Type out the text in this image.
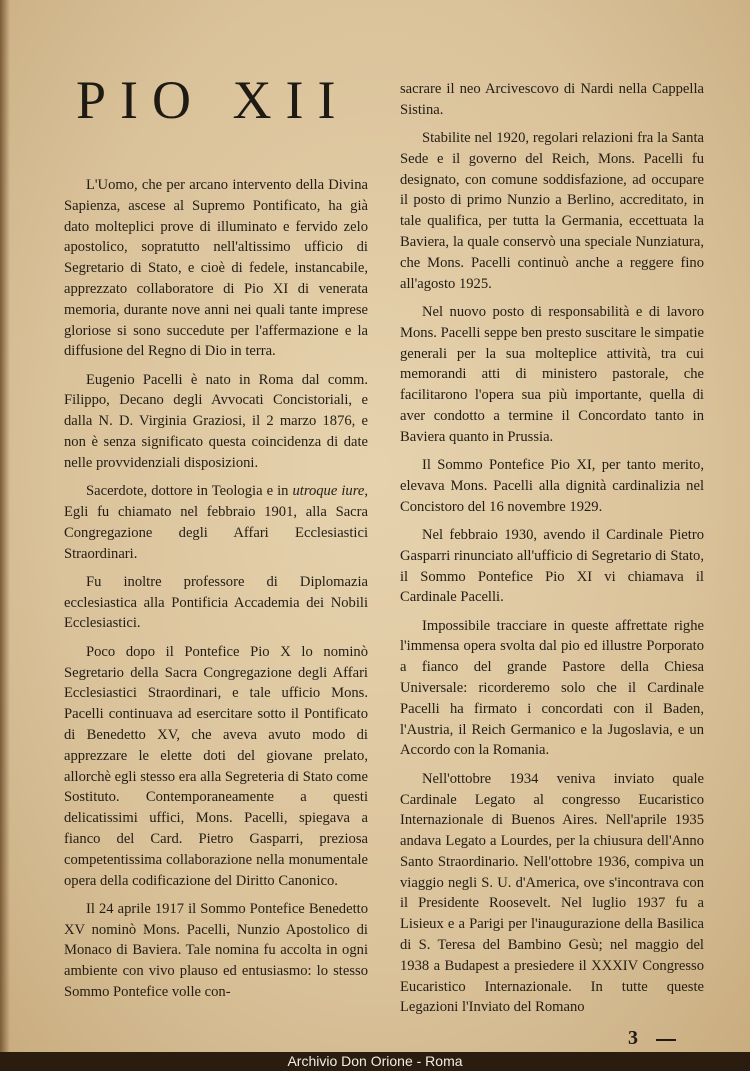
PIO XII

L'Uomo, che per arcano intervento della Divina Sapienza, ascese al Supremo Pontificato, ha già dato molteplici prove di illuminato e fervido zelo apostolico, sopratutto nell'altissimo ufficio di Segretario di Stato, e cioè di fedele, instancabile, apprezzato collaboratore di Pio XI di venerata memoria, durante nove anni nei quali tante imprese gloriose si sono succedute per l'affermazione e la diffusione del Regno di Dio in terra.

Eugenio Pacelli è nato in Roma dal comm. Filippo, Decano degli Avvocati Concistoriali, e dalla N. D. Virginia Graziosi, il 2 marzo 1876, e non è senza significato questa coincidenza di date nelle provvidenziali disposizioni.

Sacerdote, dottore in Teologia e in utroque iure, Egli fu chiamato nel febbraio 1901, alla Sacra Congregazione degli Affari Ecclesiastici Straordinari.

Fu inoltre professore di Diplomazia ecclesiastica alla Pontificia Accademia dei Nobili Ecclesiastici.

Poco dopo il Pontefice Pio X lo nominò Segretario della Sacra Congregazione degli Affari Ecclesiastici Straordinari, e tale ufficio Mons. Pacelli continuava ad esercitare sotto il Pontificato di Benedetto XV, che aveva avuto modo di apprezzare le elette doti del giovane prelato, allorchè egli stesso era alla Segreteria di Stato come Sostituto. Contemporaneamente a questi delicatissimi uffici, Mons. Pacelli, spiegava a fianco del Card. Pietro Gasparri, preziosa competentissima collaborazione nella monumentale opera della codificazione del Diritto Canonico.

Il 24 aprile 1917 il Sommo Pontefice Benedetto XV nominò Mons. Pacelli, Nunzio Apostolico di Monaco di Baviera. Tale nomina fu accolta in ogni ambiente con vivo plauso ed entusiasmo: lo stesso Sommo Pontefice volle con-

sacrare il neo Arcivescovo di Nardi nella Cappella Sistina.

Stabilite nel 1920, regolari relazioni fra la Santa Sede e il governo del Reich, Mons. Pacelli fu designato, con comune soddisfazione, ad occupare il posto di primo Nunzio a Berlino, accreditato, in tale qualifica, per tutta la Germania, eccettuata la Baviera, la quale conservò una speciale Nunziatura, che Mons. Pacelli continuò anche a reggere fino all'agosto 1925.

Nel nuovo posto di responsabilità e di lavoro Mons. Pacelli seppe ben presto suscitare le simpatie generali per la sua molteplice attività, tra cui memorandi atti di ministero pastorale, che facilitarono l'opera sua più importante, quella di aver condotto a termine il Concordato tanto in Baviera quanto in Prussia.

Il Sommo Pontefice Pio XI, per tanto merito, elevava Mons. Pacelli alla dignità cardinalizia nel Concistoro del 16 novembre 1929.

Nel febbraio 1930, avendo il Cardinale Pietro Gasparri rinunciato all'ufficio di Segretario di Stato, il Sommo Pontefice Pio XI vi chiamava il Cardinale Pacelli.

Impossibile tracciare in queste affrettate righe l'immensa opera svolta dal pio ed illustre Porporato a fianco del grande Pastore della Chiesa Universale: ricorderemo solo che il Cardinale Pacelli ha firmato i concordati con il Baden, l'Austria, il Reich Germanico e la Jugoslavia, e un Accordo con la Romania.

Nell'ottobre 1934 veniva inviato quale Cardinale Legato al congresso Eucaristico Internazionale di Buenos Aires. Nell'aprile 1935 andava Legato a Lourdes, per la chiusura dell'Anno Santo Straordinario. Nell'ottobre 1936, compiva un viaggio negli S. U. d'America, ove s'incontrava con il Presidente Roosevelt. Nel luglio 1937 fu a Lisieux e a Parigi per l'inaugurazione della Basilica di S. Teresa del Bambino Gesù; nel maggio del 1938 a Budapest a presiedere il XXXIV Congresso Eucaristico Internazionale. In tutte queste Legazioni l'Inviato del Romano

3
Archivio Don Orione - Roma
